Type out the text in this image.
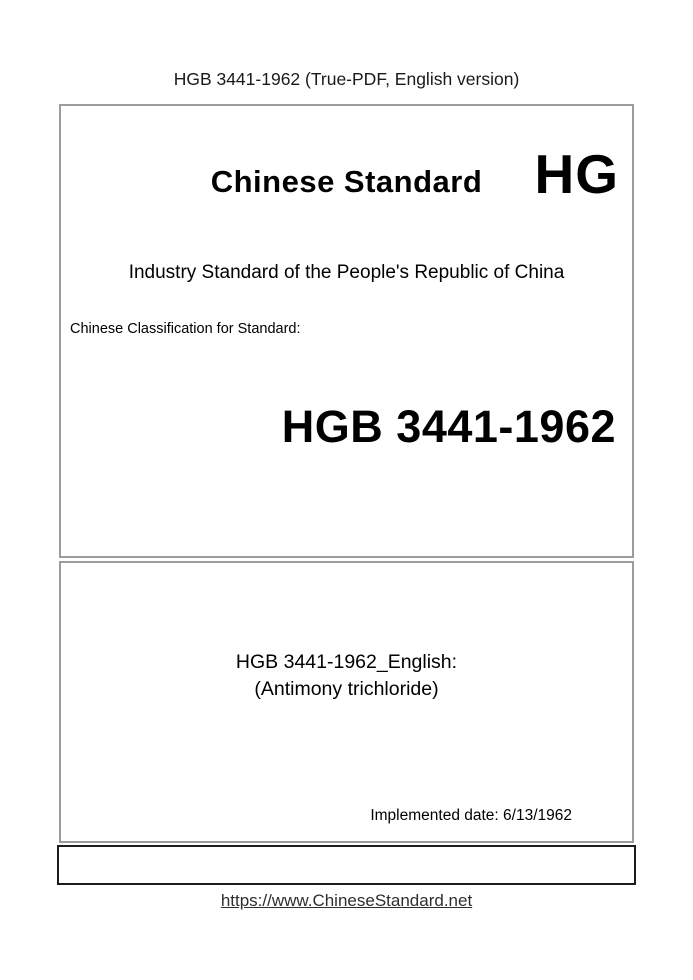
HGB 3441-1962 (True-PDF, English version)
Chinese Standard HG
Industry Standard of the People's Republic of China
Chinese Classification for Standard:
HGB 3441-1962
HGB 3441-1962_English:
(Antimony trichloride)
Implemented date: 6/13/1962
https://www.ChineseStandard.net
